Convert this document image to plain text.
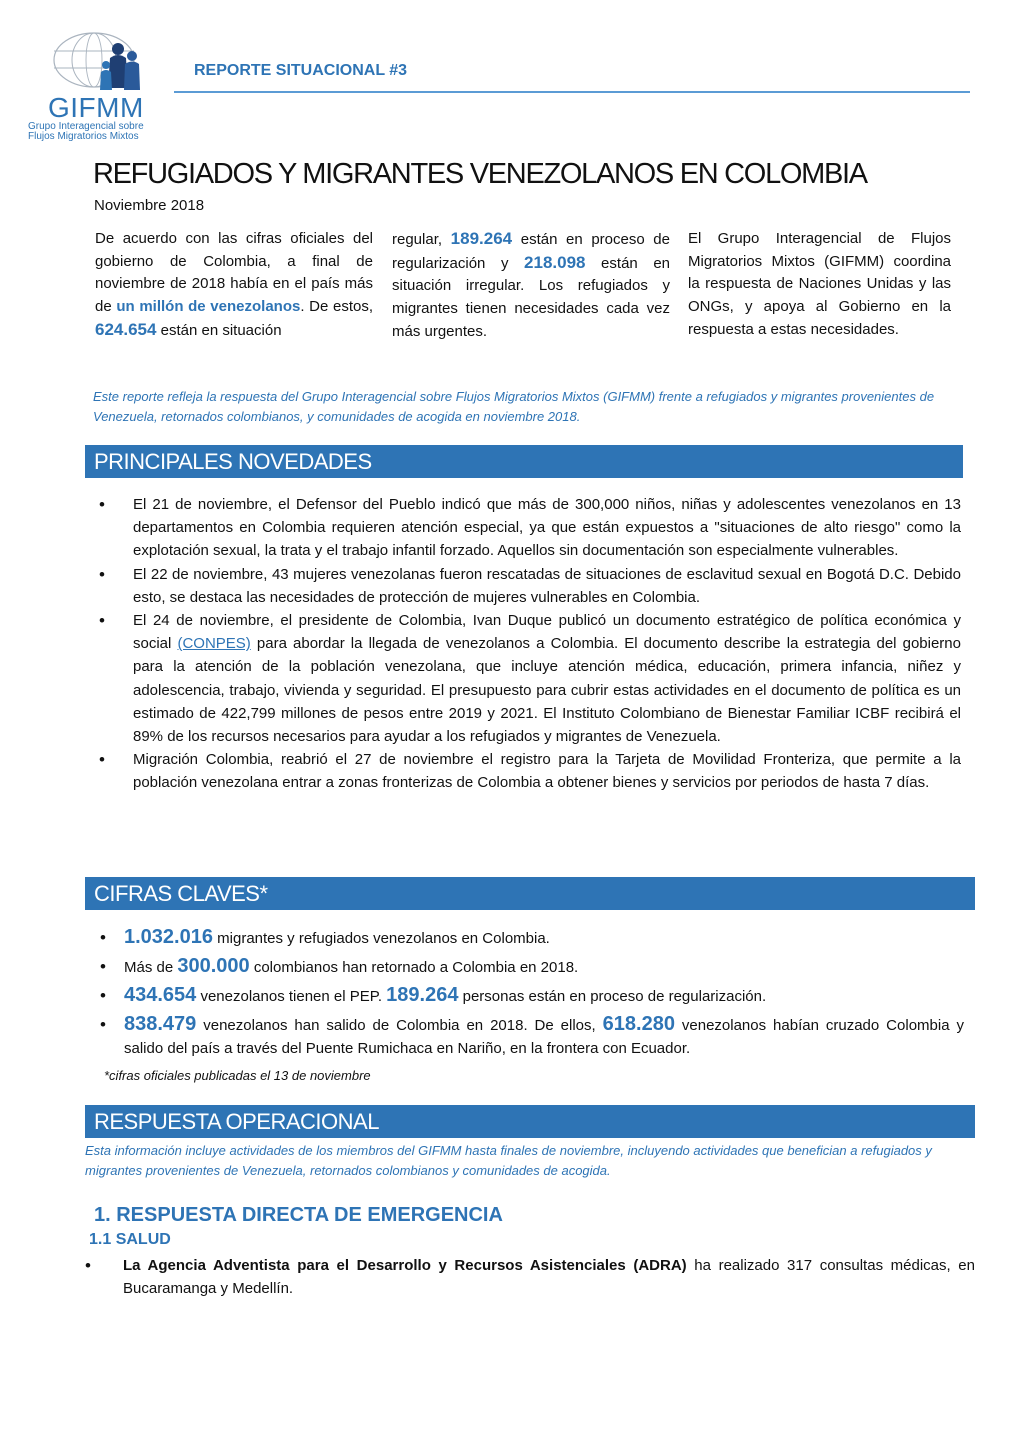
GIFMM
Grupo Interagencial sobre
Flujos Migratorios Mixtos
REPORTE SITUACIONAL #3
REFUGIADOS Y MIGRANTES VENEZOLANOS EN COLOMBIA
Noviembre 2018
De acuerdo con las cifras oficiales del gobierno de Colombia, a final de noviembre de 2018 había en el país más de un millón de venezolanos. De estos, 624.654 están en situación
regular, 189.264 están en proceso de regularización y 218.098 están en situación irregular. Los refugiados y migrantes tienen necesidades cada vez más urgentes.
El Grupo Interagencial de Flujos Migratorios Mixtos (GIFMM) coordina la respuesta de Naciones Unidas y las ONGs, y apoya al Gobierno en la respuesta a estas necesidades.
Este reporte refleja la respuesta del Grupo Interagencial sobre Flujos Migratorios Mixtos (GIFMM) frente a refugiados y migrantes provenientes de Venezuela, retornados colombianos, y comunidades de acogida en noviembre 2018.
PRINCIPALES NOVEDADES
• El 21 de noviembre, el Defensor del Pueblo indicó que más de 300,000 niños, niñas y adolescentes venezolanos en 13 departamentos en Colombia requieren atención especial, ya que están expuestos a "situaciones de alto riesgo" como la explotación sexual, la trata y el trabajo infantil forzado. Aquellos sin documentación son especialmente vulnerables.
• El 22 de noviembre, 43 mujeres venezolanas fueron rescatadas de situaciones de esclavitud sexual en Bogotá D.C. Debido esto, se destaca las necesidades de protección de mujeres vulnerables en Colombia.
• El 24 de noviembre, el presidente de Colombia, Ivan Duque publicó un documento estratégico de política económica y social (CONPES) para abordar la llegada de venezolanos a Colombia. El documento describe la estrategia del gobierno para la atención de la población venezolana, que incluye atención médica, educación, primera infancia, niñez y adolescencia, trabajo, vivienda y seguridad. El presupuesto para cubrir estas actividades en el documento de política es un estimado de 422,799 millones de pesos entre 2019 y 2021. El Instituto Colombiano de Bienestar Familiar ICBF recibirá el 89% de los recursos necesarios para ayudar a los refugiados y migrantes de Venezuela.
• Migración Colombia, reabrió el 27 de noviembre el registro para la Tarjeta de Movilidad Fronteriza, que permite a la población venezolana entrar a zonas fronterizas de Colombia a obtener bienes y servicios por periodos de hasta 7 días.
CIFRAS CLAVES*
• 1.032.016 migrantes y refugiados venezolanos en Colombia.
• Más de 300.000 colombianos han retornado a Colombia en 2018.
• 434.654 venezolanos tienen el PEP. 189.264 personas están en proceso de regularización.
• 838.479 venezolanos han salido de Colombia en 2018. De ellos, 618.280 venezolanos habían cruzado Colombia y salido del país a través del Puente Rumichaca en Nariño, en la frontera con Ecuador.
*cifras oficiales publicadas el 13 de noviembre
RESPUESTA OPERACIONAL
Esta información incluye actividades de los miembros del GIFMM hasta finales de noviembre, incluyendo actividades que benefician a refugiados y migrantes provenientes de Venezuela, retornados colombianos y comunidades de acogida.
1. RESPUESTA DIRECTA DE EMERGENCIA
1.1 SALUD
• La Agencia Adventista para el Desarrollo y Recursos Asistenciales (ADRA) ha realizado 317 consultas médicas, en Bucaramanga y Medellín.
